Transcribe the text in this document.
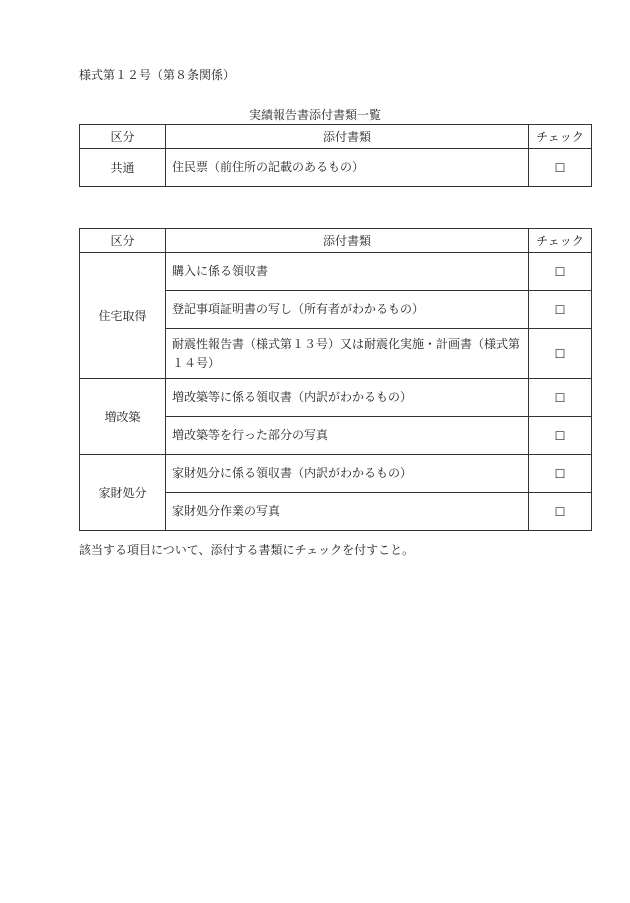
様式第１２号（第８条関係）
実績報告書添付書類一覧
区分	添付書類	チェック
共通	住民票（前住所の記載のあるもの）	☐
区分	添付書類	チェック
住宅取得	購入に係る領収書	☐
	登記事項証明書の写し（所有者がわかるもの）	☐
	耐震性報告書（様式第１３号）又は耐震化実施・計画書（様式第１４号）	☐
増改築	増改築等に係る領収書（内訳がわかるもの）	☐
	増改築等を行った部分の写真	☐
家財処分	家財処分に係る領収書（内訳がわかるもの）	☐
	家財処分作業の写真	☐
該当する項目について、添付する書類にチェックを付すこと。
